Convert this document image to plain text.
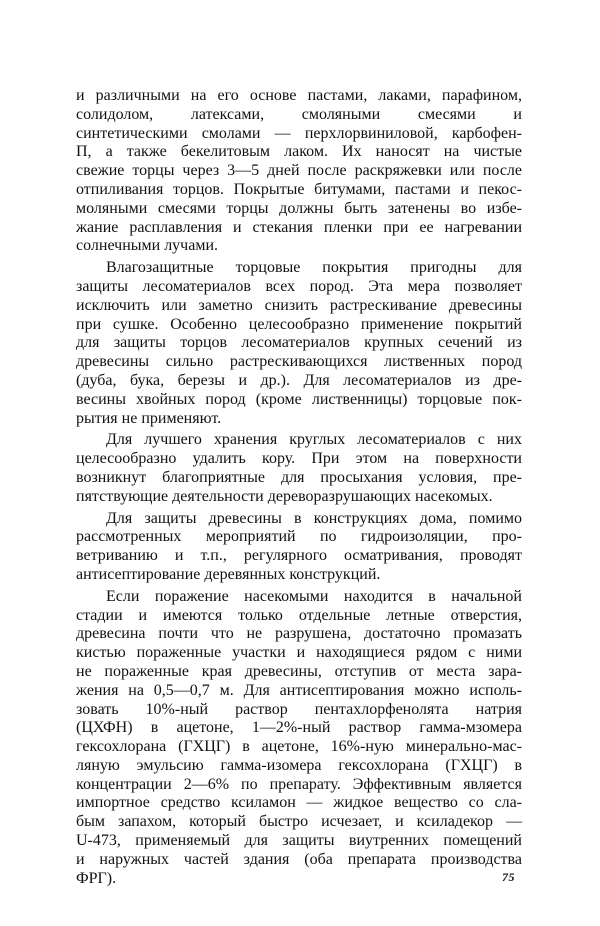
и различными на его основе пастами, лаками, парафином,
солидолом, латексами, смоляными смесями и
синтетическими смолами — перхлорвиниловой, карбофен-
П, а также бекелитовым лаком. Их наносят на чистые
свежие торцы через 3—5 дней после раскряжевки или после
отпиливания торцов. Покрытые битумами, пастами и пекос-
моляными смесями торцы должны быть затенены во избе-
жание расплавления и стекания пленки при ее нагревании
солнечными лучами.
Влагозащитные торцовые покрытия пригодны для
защиты лесоматериалов всех пород. Эта мера позволяет
исключить или заметно снизить растрескивание древесины
при сушке. Особенно целесообразно применение покрытий
для защиты торцов лесоматериалов крупных сечений из
древесины сильно растрескивающихся лиственных пород
(дуба, бука, березы и др.). Для лесоматериалов из дре-
весины хвойных пород (кроме лиственницы) торцовые пок-
рытия не применяют.
Для лучшего хранения круглых лесоматериалов с них
целесообразно удалить кору. При этом на поверхности
возникнут благоприятные для просыхания условия, пре-
пятствующие деятельности дереворазрушающих насекомых.
Для защиты древесины в конструкциях дома, помимо
рассмотренных мероприятий по гидроизоляции, про-
ветриванию и т.п., регулярного осматривания, проводят
антисептирование деревянных конструкций.
Если поражение насекомыми находится в начальной
стадии и имеются только отдельные летные отверстия,
древесина почти что не разрушена, достаточно промазать
кистью пораженные участки и находящиеся рядом с ними
не пораженные края древесины, отступив от места зара-
жения на 0,5—0,7 м. Для антисептирования можно исполь-
зовать 10%-ный раствор пентахлорфенолята натрия
(ЦХФН) в ацетоне, 1—2%-ный раствор гамма-мзомера
гексохлорана (ГХЦГ) в ацетоне, 16%-ную минерально-мас-
ляную эмульсию гамма-изомера гексохлорана (ГХЦГ) в
концентрации 2—6% по препарату. Эффективным является
импортное средство ксиламон — жидкое вещество со сла-
бым запахом, который быстро исчезает, и ксиладекор —
U-473, применяемый для защиты виутренних помещений
и наружных частей здания (оба препарата производства
ФРГ).	75
